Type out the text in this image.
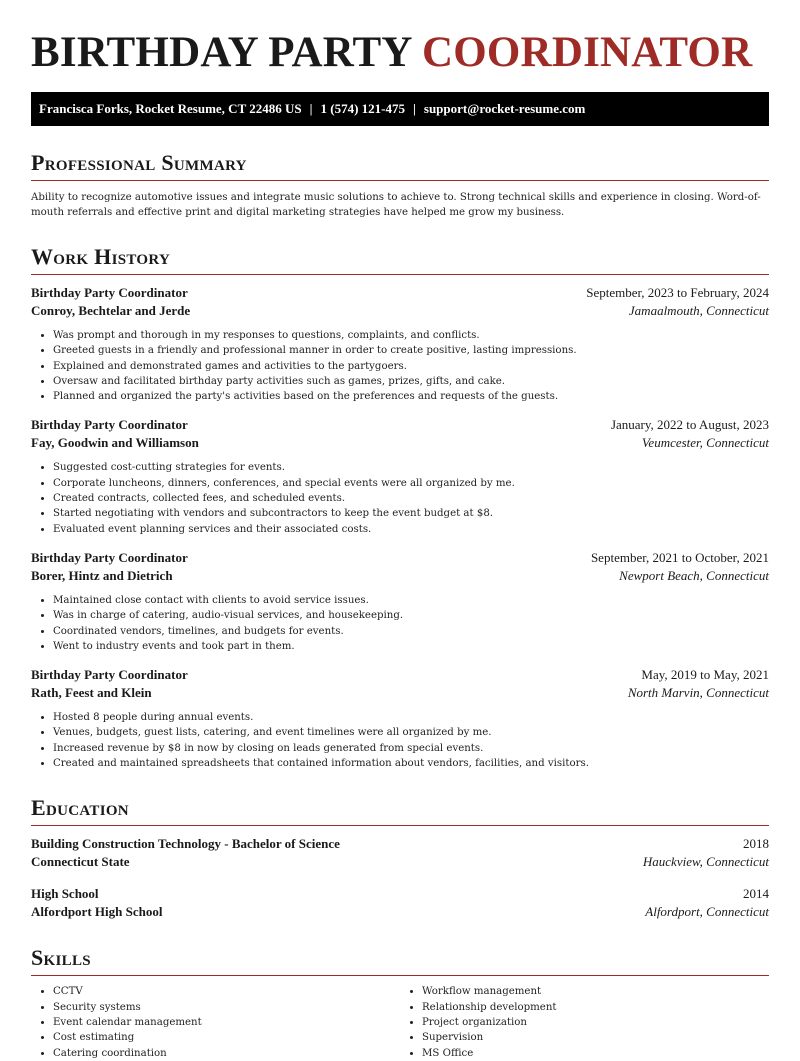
BIRTHDAY PARTY COORDINATOR
Francisca Forks, Rocket Resume, CT 22486 US | 1 (574) 121-475 | support@rocket-resume.com
Professional Summary

Ability to recognize automotive issues and integrate music solutions to achieve to. Strong technical skills and experience in closing. Word-of-mouth referrals and effective print and digital marketing strategies have helped me grow my business.

Work History
Birthday Party Coordinator	September, 2023 to February, 2024
Conroy, Bechtelar and Jerde	Jamaalmouth, Connecticut
• Was prompt and thorough in my responses to questions, complaints, and conflicts.
• Greeted guests in a friendly and professional manner in order to create positive, lasting impressions.
• Explained and demonstrated games and activities to the partygoers.
• Oversaw and facilitated birthday party activities such as games, prizes, gifts, and cake.
• Planned and organized the party's activities based on the preferences and requests of the guests.
Birthday Party Coordinator	January, 2022 to August, 2023
Fay, Goodwin and Williamson	Veumcester, Connecticut
• Suggested cost-cutting strategies for events.
• Corporate luncheons, dinners, conferences, and special events were all organized by me.
• Created contracts, collected fees, and scheduled events.
• Started negotiating with vendors and subcontractors to keep the event budget at $8.
• Evaluated event planning services and their associated costs.
Birthday Party Coordinator	September, 2021 to October, 2021
Borer, Hintz and Dietrich	Newport Beach, Connecticut
• Maintained close contact with clients to avoid service issues.
• Was in charge of catering, audio-visual services, and housekeeping.
• Coordinated vendors, timelines, and budgets for events.
• Went to industry events and took part in them.
Birthday Party Coordinator	May, 2019 to May, 2021
Rath, Feest and Klein	North Marvin, Connecticut
• Hosted 8 people during annual events.
• Venues, budgets, guest lists, catering, and event timelines were all organized by me.
• Increased revenue by $8 in now by closing on leads generated from special events.
• Created and maintained spreadsheets that contained information about vendors, facilities, and visitors.
Education
Building Construction Technology - Bachelor of Science	2018
Connecticut State	Hauckview, Connecticut
High School	2014
Alfordport High School	Alfordport, Connecticut
Skills
• CCTV
• Security systems
• Event calendar management
• Cost estimating
• Catering coordination
• Workflow management
• Relationship development
• Project organization
• Supervision
• MS Office
